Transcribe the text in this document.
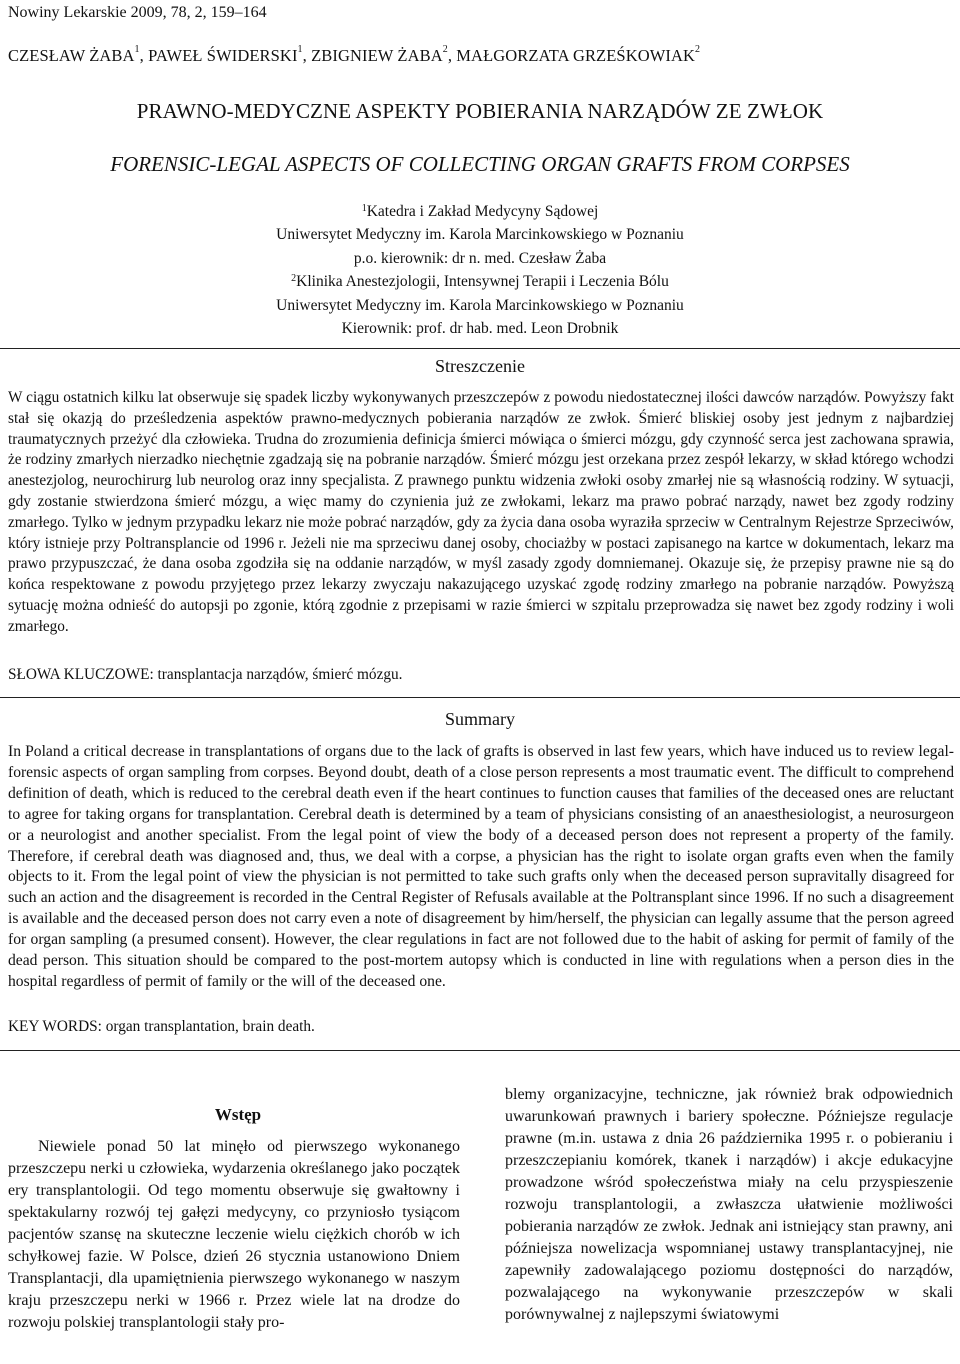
Nowiny Lekarskie 2009, 78, 2, 159–164
CZESŁAW ŻABA$^1$, PAWEŁ ŚWIDERSKI$^1$, ZBIGNIEW ŻABA$^2$, MAŁGORZATA GRZEŚKOWIAK$^2$
PRAWNO-MEDYCZNE ASPEKTY POBIERANIA NARZĄDÓW ZE ZWŁOK
FORENSIC-LEGAL ASPECTS OF COLLECTING ORGAN GRAFTS FROM CORPSES
$^1$Katedra i Zakład Medycyny Sądowej
Uniwersytet Medyczny im. Karola Marcinkowskiego w Poznaniu
p.o. kierownik: dr n. med. Czesław Żaba
$^2$Klinika Anestezjologii, Intensywnej Terapii i Leczenia Bólu
Uniwersytet Medyczny im. Karola Marcinkowskiego w Poznaniu
Kierownik: prof. dr hab. med. Leon Drobnik
Streszczenie

W ciągu ostatnich kilku lat obserwuje się spadek liczby wykonywanych przeszczepów z powodu niedostatecznej ilości dawców narządów. Powyższy fakt stał się okazją do prześledzenia aspektów prawno-medycznych pobierania narządów ze zwłok. Śmierć bliskiej osoby jest jednym z najbardziej traumatycznych przeżyć dla człowieka. Trudna do zrozumienia definicja śmierci mówiąca o śmierci mózgu, gdy czynność serca jest zachowana sprawia, że rodziny zmarłych nierzadko niechętnie zgadzają się na pobranie narządów. Śmierć mózgu jest orzekana przez zespół lekarzy, w skład którego wchodzi anestezjolog, neurochirurg lub neurolog oraz inny specjalista. Z prawnego punktu widzenia zwłoki osoby zmarłej nie są własnością rodziny. W sytuacji, gdy zostanie stwierdzona śmierć mózgu, a więc mamy do czynienia już ze zwłokami, lekarz ma prawo pobrać narządy, nawet bez zgody rodziny zmarłego. Tylko w jednym przypadku lekarz nie może pobrać narządów, gdy za życia dana osoba wyraziła sprzeciw w Centralnym Rejestrze Sprzeciwów, który istnieje przy Poltransplancie od 1996 r. Jeżeli nie ma sprzeciwu danej osoby, chociażby w postaci zapisanego na kartce w dokumentach, lekarz ma prawo przypuszczać, że dana osoba zgodziła się na oddanie narządów, w myśl zasady zgody domniemanej. Okazuje się, że przepisy prawne nie są do końca respektowane z powodu przyjętego przez lekarzy zwyczaju nakazującego uzyskać zgodę rodziny zmarłego na pobranie narządów. Powyższą sytuację można odnieść do autopsji po zgonie, którą zgodnie z przepisami w razie śmierci w szpitalu przeprowadza się nawet bez zgody rodziny i woli zmarłego.

SŁOWA KLUCZOWE: transplantacja narządów, śmierć mózgu.
Summary

In Poland a critical decrease in transplantations of organs due to the lack of grafts is observed in last few years, which have induced us to review legal-forensic aspects of organ sampling from corpses. Beyond doubt, death of a close person represents a most traumatic event. The difficult to comprehend definition of death, which is reduced to the cerebral death even if the heart continues to function causes that families of the deceased ones are reluctant to agree for taking organs for transplantation. Cerebral death is determined by a team of physicians consisting of an anaesthesiologist, a neurosurgeon or a neurologist and another specialist. From the legal point of view the body of a deceased person does not represent a property of the family. Therefore, if cerebral death was diagnosed and, thus, we deal with a corpse, a physician has the right to isolate organ grafts even when the family objects to it. From the legal point of view the physician is not permitted to take such grafts only when the deceased person supravitally disagreed for such an action and the disagreement is recorded in the Central Register of Refusals available at the Poltransplant since 1996. If no such a disagreement is available and the deceased person does not carry even a note of disagreement by him/herself, the physician can legally assume that the person agreed for organ sampling (a presumed consent). However, the clear regulations in fact are not followed due to the habit of asking for permit of family of the dead person. This situation should be compared to the post-mortem autopsy which is conducted in line with regulations when a person dies in the hospital regardless of permit of family or the will of the deceased one.

KEY WORDS: organ transplantation, brain death.
Wstęp

Niewiele ponad 50 lat minęło od pierwszego wykonanego przeszczepu nerki u człowieka, wydarzenia określanego jako początek ery transplantologii. Od tego momentu obserwuje się gwałtowny i spektakularny rozwój tej gałęzi medycyny, co przyniosło tysiącom pacjentów szansę na skuteczne leczenie wielu ciężkich chorób w ich schyłkowej fazie. W Polsce, dzień 26 stycznia ustanowiono Dniem Transplantacji, dla upamiętnienia pierwszego wykonanego w naszym kraju przeszczepu nerki w 1966 r. Przez wiele lat na drodze do rozwoju polskiej transplantologii stały pro-

blemy organizacyjne, techniczne, jak również brak odpowiednich uwarunkowań prawnych i bariery społeczne. Późniejsze regulacje prawne (m.in. ustawa z dnia 26 października 1995 r. o pobieraniu i przeszczepianiu komórek, tkanek i narządów) i akcje edukacyjne prowadzone wśród społeczeństwa miały na celu przyspieszenie rozwoju transplantologii, a zwłaszcza ułatwienie możliwości pobierania narządów ze zwłok. Jednak ani istniejący stan prawny, ani późniejsza nowelizacja wspomnianej ustawy transplantacyjnej, nie zapewniły zadowalającego poziomu dostępności do narządów, pozwalającego na wykonywanie przeszczepów w skali porównywalnej z najlepszymi światowymi
